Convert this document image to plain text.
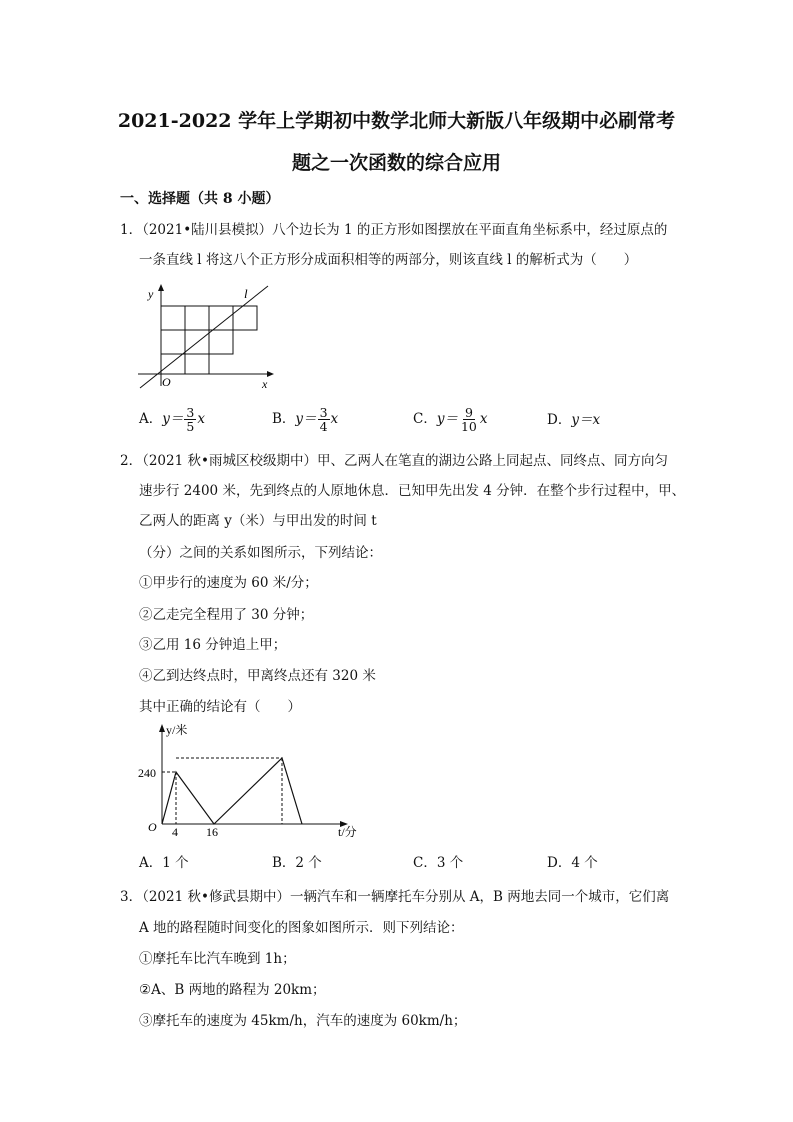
2021-2022 学年上学期初中数学北师大新版八年级期中必刷常考
题之一次函数的综合应用
一、选择题（共 8 小题）
1．（2021•陆川县模拟）八个边长为 1 的正方形如图摆放在平面直角坐标系中，经过原点的
一条直线 l 将这八个正方形分成面积相等的两部分，则该直线 l 的解析式为（　　）
y
x
O
l
A．$y= \frac{3}{5}$ x	B．$y= \frac{3}{4}$ x	C．$y= \frac{9}{10}$ x	D．y＝x
2．（2021 秋•雨城区校级期中）甲、乙两人在笔直的湖边公路上同起点、同终点、同方向匀
速步行 2400 米，先到终点的人原地休息．已知甲先出发 4 分钟．在整个步行过程中，甲、
乙两人的距离 y（米）与甲出发的时间 t
（分）之间的关系如图所示，下列结论：
①甲步行的速度为 60 米/分；
②乙走完全程用了 30 分钟；
③乙用 16 分钟追上甲；
④乙到达终点时，甲离终点还有 320 米
其中正确的结论有（　　）
y/米
240
O 4 16	t/分
A．1 个	B．2 个	C．3 个	D．4 个
3．（2021 秋•修武县期中）一辆汽车和一辆摩托车分别从 A，B 两地去同一个城市，它们离
A 地的路程随时间变化的图象如图所示．则下列结论：
①摩托车比汽车晚到 1h；
②A、B 两地的路程为 20km；
③摩托车的速度为 45km/h，汽车的速度为 60km/h；
